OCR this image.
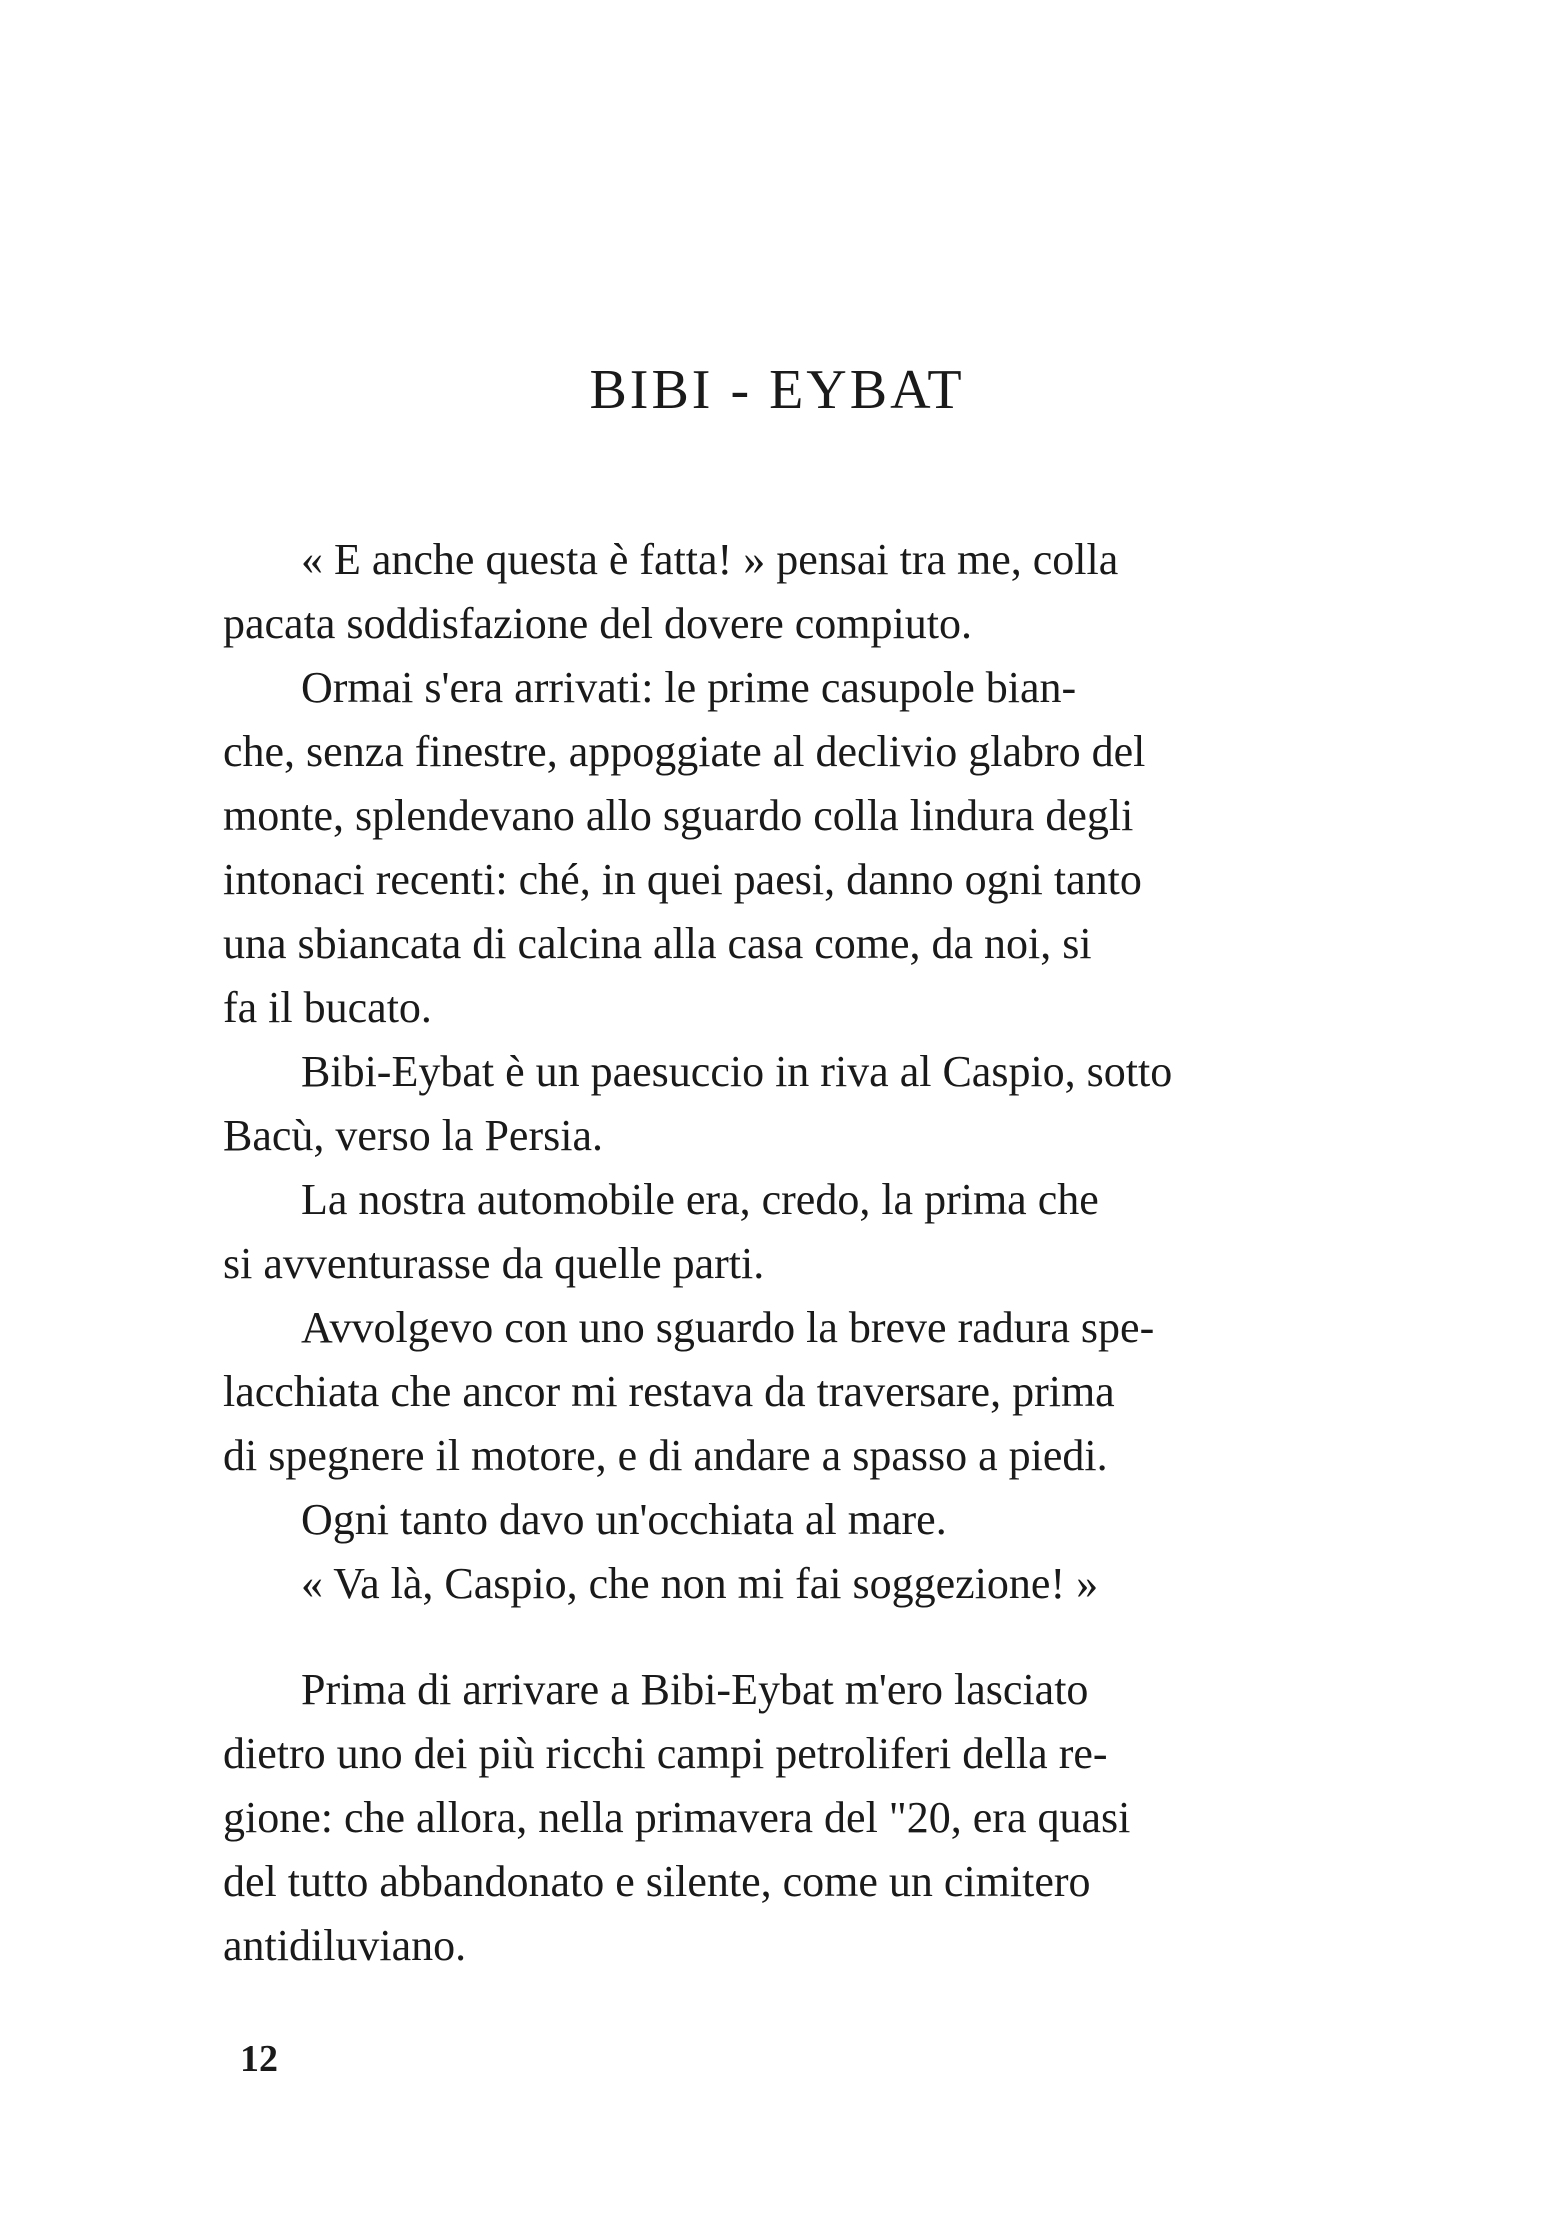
BIBI - EYBAT

« E anche questa è fatta! » pensai tra me, colla
pacata soddisfazione del dovere compiuto.

Ormai s'era arrivati: le prime casupole bian-
che, senza finestre, appoggiate al declivio glabro del
monte, splendevano allo sguardo colla lindura degli
intonaci recenti: ché, in quei paesi, danno ogni tanto
una sbiancata di calcina alla casa come, da noi, si
fa il bucato.

Bibi-Eybat è un paesuccio in riva al Caspio, sotto
Bacù, verso la Persia.

La nostra automobile era, credo, la prima che
si avventurasse da quelle parti.

Avvolgevo con uno sguardo la breve radura spe-
lacchiata che ancor mi restava da traversare, prima
di spegnere il motore, e di andare a spasso a piedi.

Ogni tanto davo un'occhiata al mare.

« Va là, Caspio, che non mi fai soggezione! »

Prima di arrivare a Bibi-Eybat m'ero lasciato
dietro uno dei più ricchi campi petroliferi della re-
gione: che allora, nella primavera del "20, era quasi
del tutto abbandonato e silente, come un cimitero
antidiluviano.

12
